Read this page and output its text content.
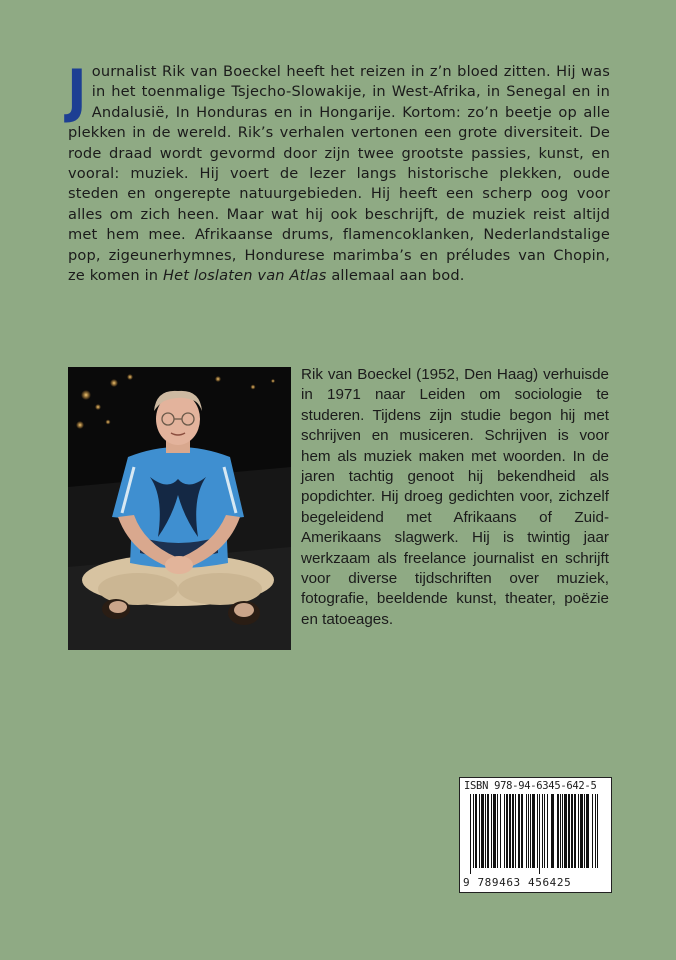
Journalist Rik van Boeckel heeft het reizen in z’n bloed zitten. Hij was in het toenmalige Tsjecho-Slowakije, in West-Afrika, in Senegal en in Andalusië, In Honduras en in Hongarije. Kortom: zo’n beetje op alle plekken in de wereld. Rik’s verhalen vertonen een grote diversiteit. De rode draad wordt gevormd door zijn twee grootste passies, kunst, en vooral: muziek. Hij voert de lezer langs historische plekken, oude steden en ongerepte natuurgebieden. Hij heeft een scherp oog voor alles om zich heen. Maar wat hij ook beschrijft, de muziek reist altijd met hem mee. Afrikaanse drums, flamencoklanken, Nederlandstalige pop, zigeunerhymnes, Hondurese marimba’s en préludes van Chopin, ze komen in Het loslaten van Atlas allemaal aan bod.
Rik van Boeckel (1952, Den Haag) verhuisde in 1971 naar Leiden om sociologie te studeren. Tijdens zijn studie begon hij met schrijven en musiceren. Schrijven is voor hem als muziek maken met woorden. In de jaren tachtig genoot hij bekendheid als popdichter. Hij droeg gedichten voor, zichzelf begeleidend met Afrikaans of Zuid-Amerikaans slagwerk. Hij is twintig jaar werkzaam als freelance journalist en schrijft voor diverse tijdschriften over muziek, fotografie, beeldende kunst, theater, poëzie en tatoeages.
ISBN 978-94-6345-642-5
9 789463 456425
